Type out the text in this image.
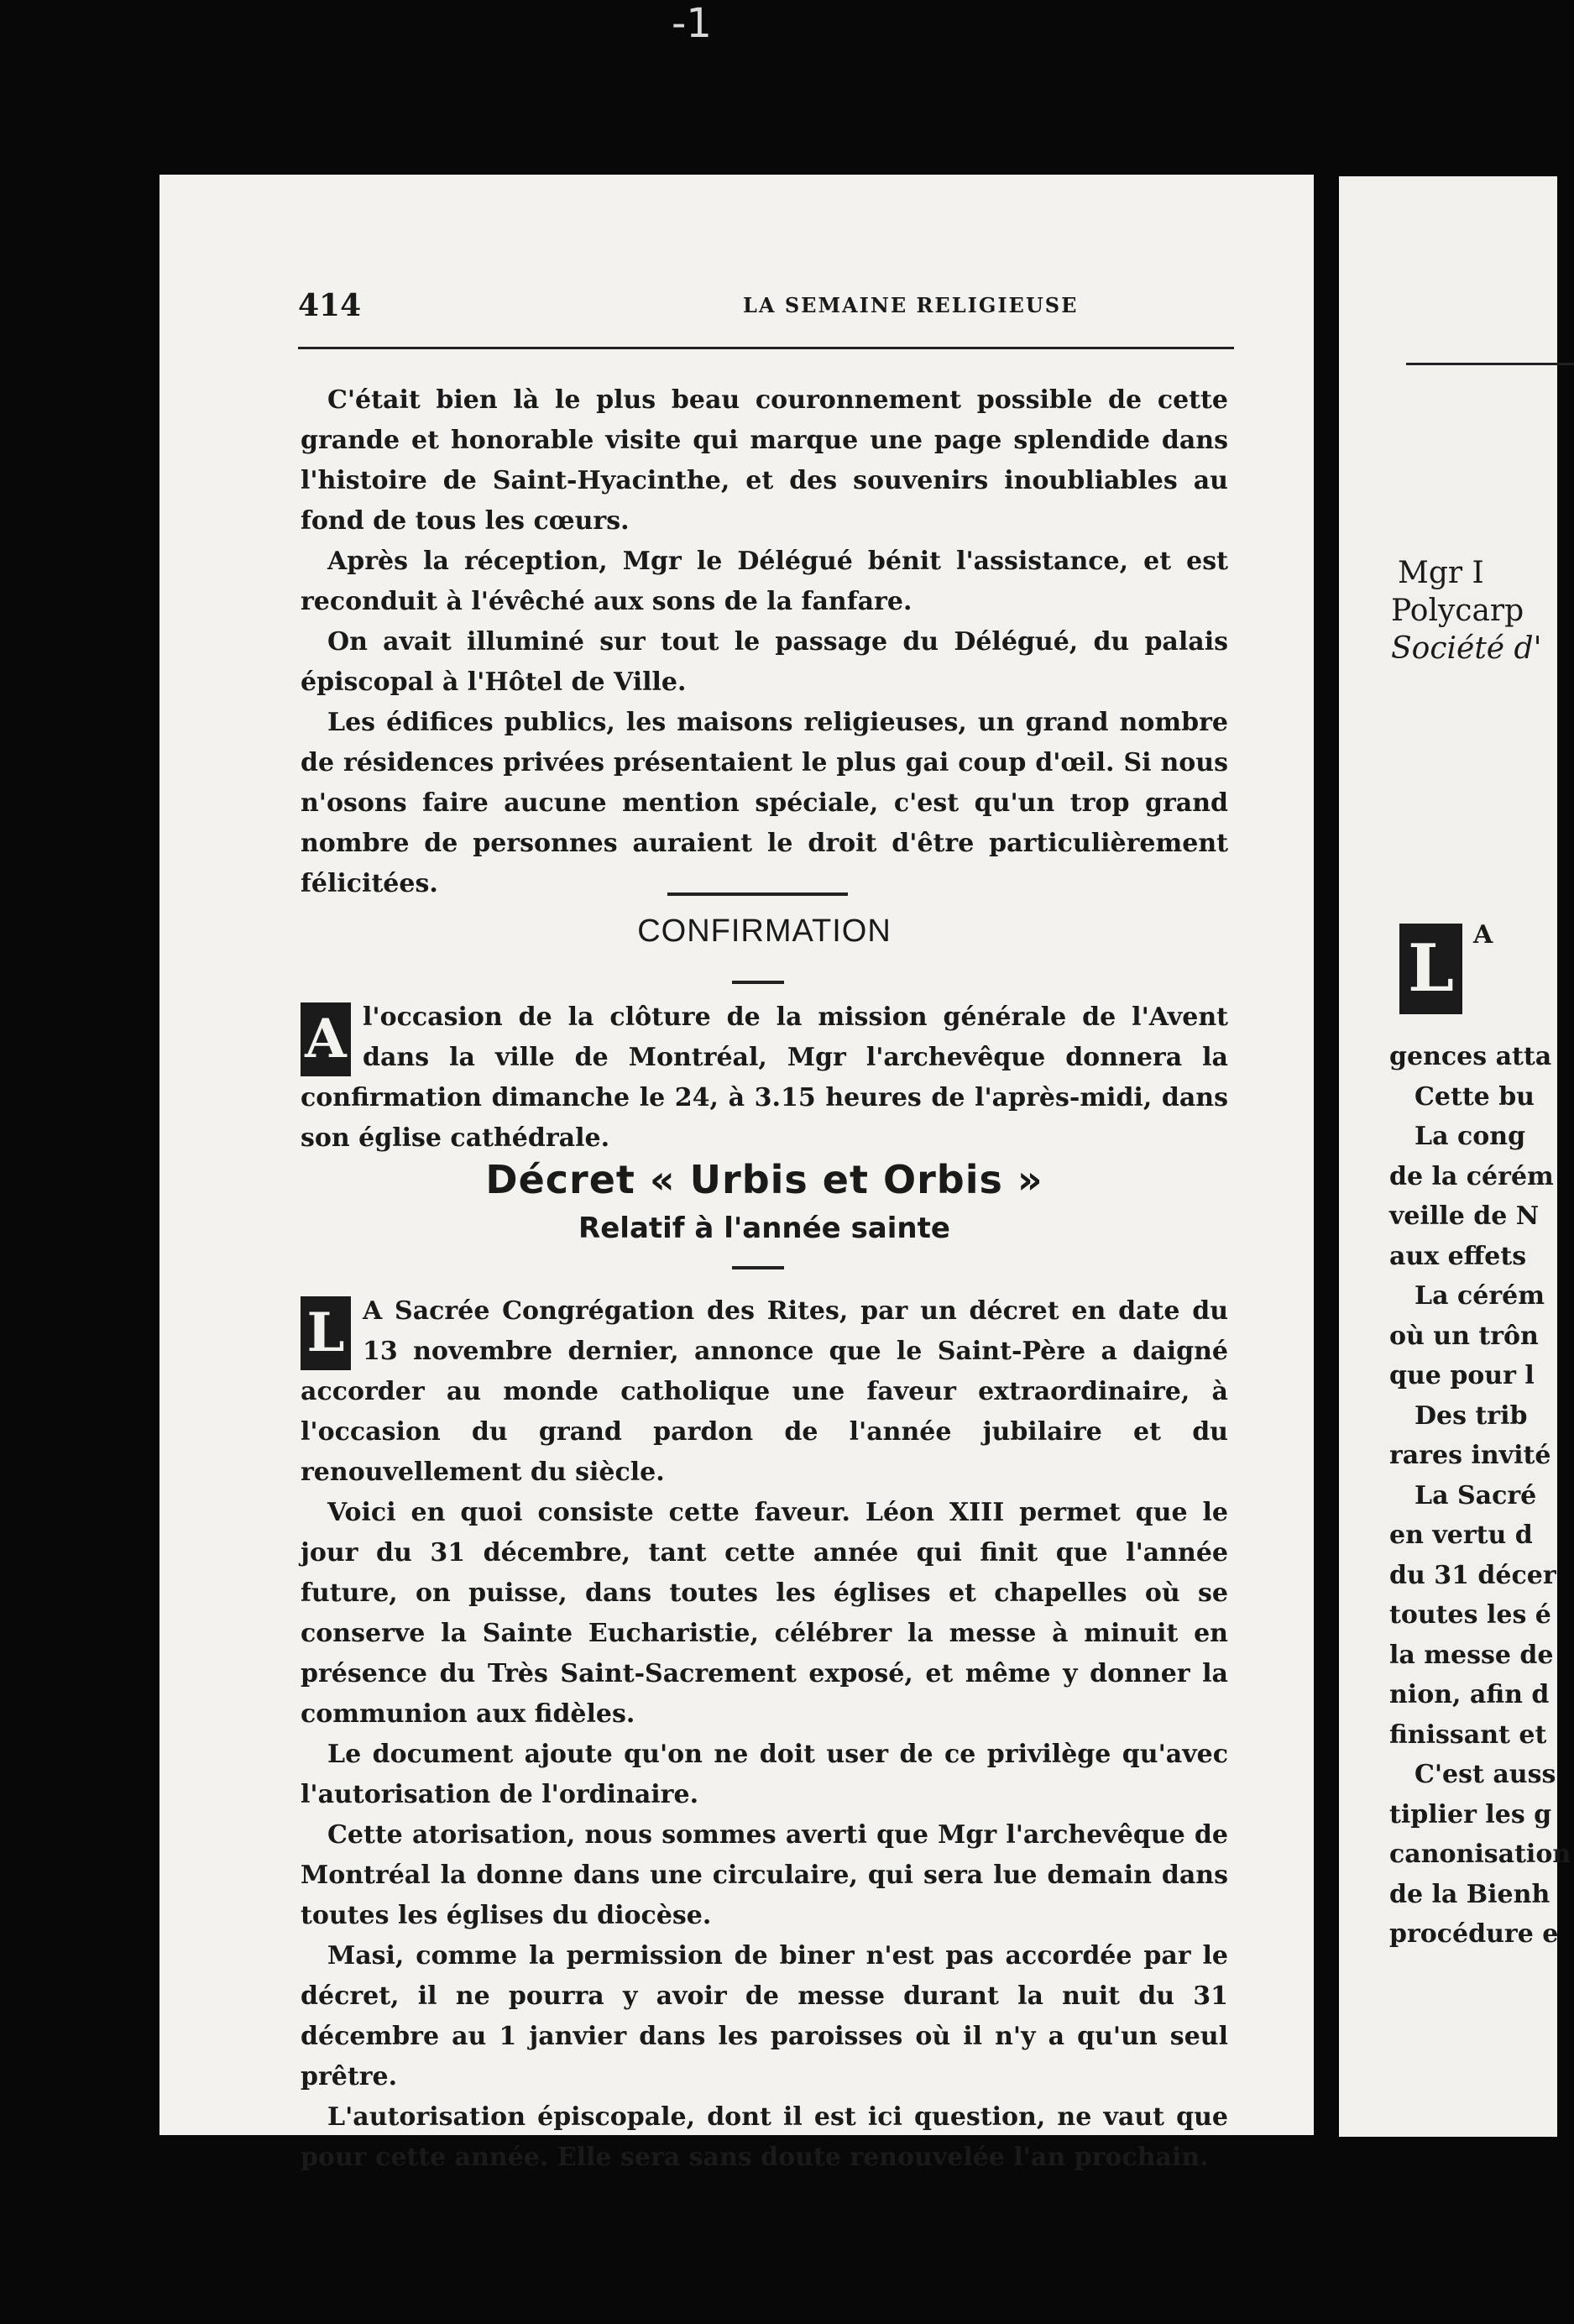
-1
414	LA SEMAINE RELIGIEUSE

C'était bien là le plus beau couronnement possible de cette grande et honorable visite qui marque une page splendide dans l'histoire de Saint-Hyacinthe, et des souvenirs inoubliables au fond de tous les cœurs.

Après la réception, Mgr le Délégué bénit l'assistance, et est reconduit à l'évêché aux sons de la fanfare.

On avait illuminé sur tout le passage du Délégué, du palais épiscopal à l'Hôtel de Ville.

Les édifices publics, les maisons religieuses, un grand nombre de résidences privées présentaient le plus gai coup d'œil. Si nous n'osons faire aucune mention spéciale, c'est qu'un trop grand nombre de personnes auraient le droit d'être particulièrement félicitées.

CONFIRMATION

A l'occasion de la clôture de la mission générale de l'Avent dans la ville de Montréal, Mgr l'archevêque donnera la confirmation dimanche le 24, à 3.15 heures de l'après-midi, dans son église cathédrale.

Décret « Urbis et Orbis »
Relatif à l'année sainte

L A Sacrée Congrégation des Rites, par un décret en date du 13 novembre dernier, annonce que le Saint-Père a daigné accorder au monde catholique une faveur extraordinaire, à l'occasion du grand pardon de l'année jubilaire et du renouvellement du siècle.

Voici en quoi consiste cette faveur. Léon XIII permet que le jour du 31 décembre, tant cette année qui finit que l'année future, on puisse, dans toutes les églises et chapelles où se conserve la Sainte Eucharistie, célébrer la messe à minuit en présence du Très Saint-Sacrement exposé, et même y donner la communion aux fidèles.

Le document ajoute qu'on ne doit user de ce privilège qu'avec l'autorisation de l'ordinaire.

Cette atorisation, nous sommes averti que Mgr l'archevêque de Montréal la donne dans une circulaire, qui sera lue demain dans toutes les églises du diocèse.

Masi, comme la permission de biner n'est pas accordée par le décret, il ne pourra y avoir de messe durant la nuit du 31 décembre au 1 janvier dans les paroisses où il n'y a qu'un seul prêtre.

L'autorisation épiscopale, dont il est ici question, ne vaut que pour cette année. Elle sera sans doute renouvelée l'an prochain.

Mgr I
Polycarp
Société d'
L A
gences atta
Cette bu
La cong
de la cérém
veille de N
aux effets
La cérém
où un trôn
que pour l
Des trib
rares invité
La Sacré
en vertu d
du 31 décer
toutes les é
la messe de
nion, afin d
finissant et
C'est auss
tiplier les g
canonisation
de la Bienh
procédure e
